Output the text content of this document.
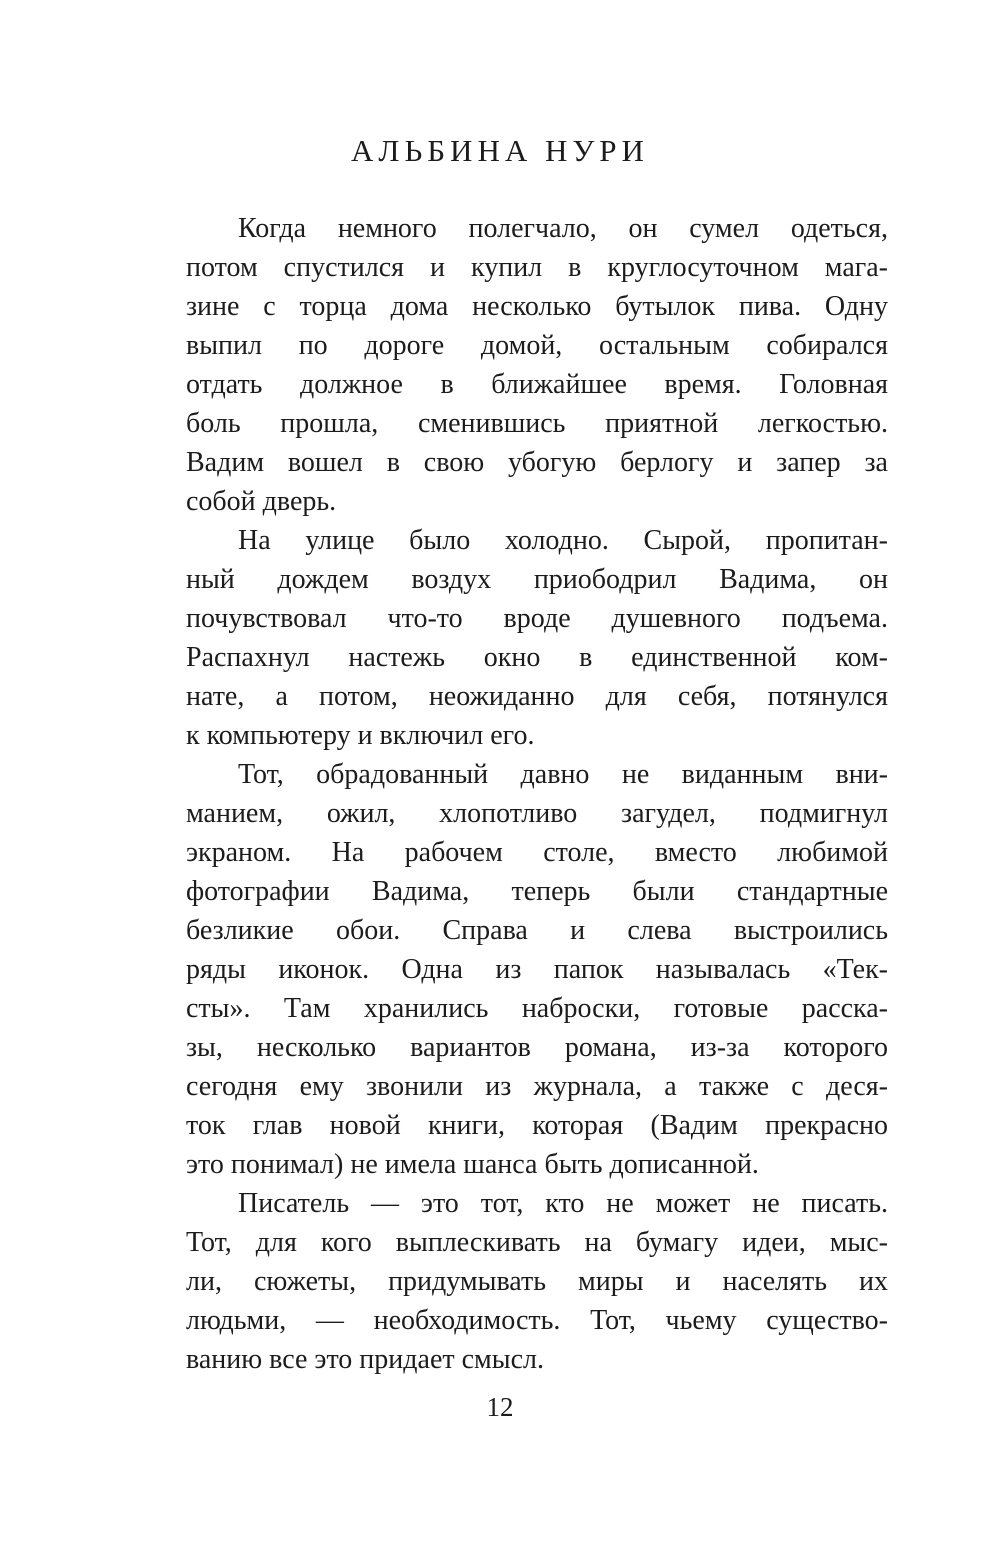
АЛЬБИНА НУРИ
Когда немного полегчало, он сумел одеться,
потом спустился и купил в круглосуточном мага-
зине с торца дома несколько бутылок пива. Одну
выпил по дороге домой, остальным собирался
отдать должное в ближайшее время. Головная
боль прошла, сменившись приятной легкостью.
Вадим вошел в свою убогую берлогу и запер за
собой дверь.
На улице было холодно. Сырой, пропитан-
ный дождем воздух приободрил Вадима, он
почувствовал что-то вроде душевного подъема.
Распахнул настежь окно в единственной ком-
нате, а потом, неожиданно для себя, потянулся
к компьютеру и включил его.
Тот, обрадованный давно не виданным вни-
манием, ожил, хлопотливо загудел, подмигнул
экраном. На рабочем столе, вместо любимой
фотографии Вадима, теперь были стандартные
безликие обои. Справа и слева выстроились
ряды иконок. Одна из папок называлась «Тек-
сты». Там хранились наброски, готовые расска-
зы, несколько вариантов романа, из-за которого
сегодня ему звонили из журнала, а также с деся-
ток глав новой книги, которая (Вадим прекрасно
это понимал) не имела шанса быть дописанной.
Писатель — это тот, кто не может не писать.
Тот, для кого выплескивать на бумагу идеи, мыс-
ли, сюжеты, придумывать миры и населять их
людьми, — необходимость. Тот, чьему существо-
ванию все это придает смысл.
12
